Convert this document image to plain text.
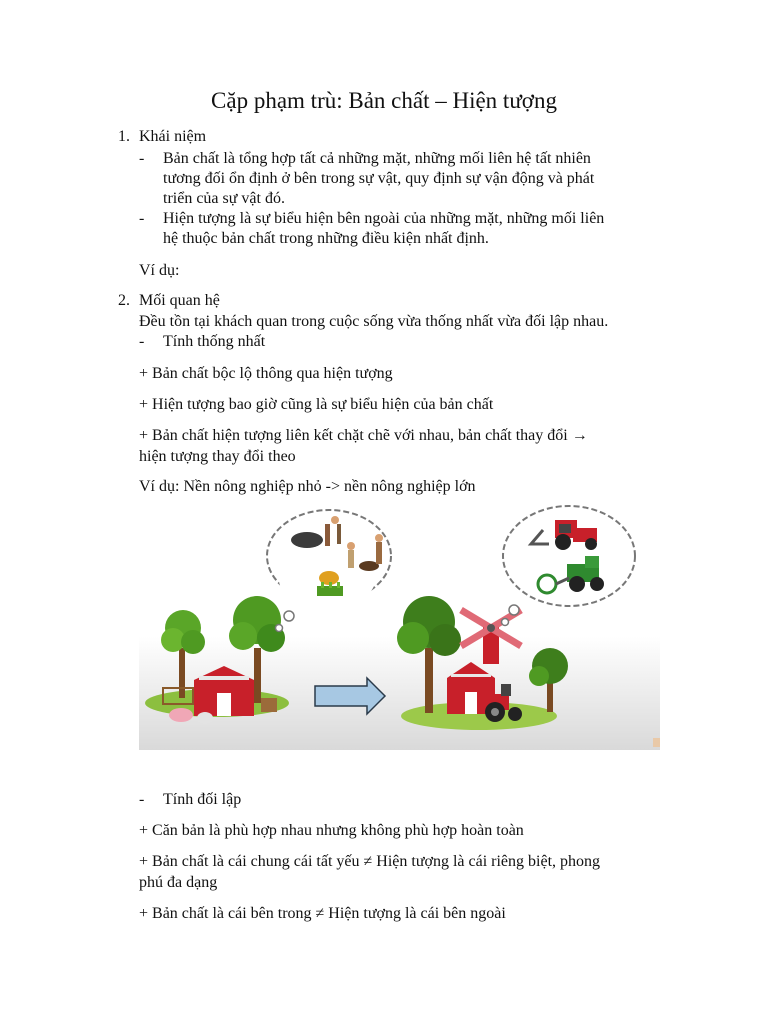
Cặp phạm trù: Bản chất – Hiện tượng
1. Khái niệm
- Bản chất là tổng hợp tất cả những mặt, những mối liên hệ tất nhiên
tương đối ổn định ở bên trong sự vật, quy định sự vận động và phát
triển của sự vật đó.
- Hiện tượng là sự biểu hiện bên ngoài của những mặt, những mối liên
hệ thuộc bản chất trong những điều kiện nhất định.
Ví dụ:
2. Mối quan hệ
Đều tồn tại khách quan trong cuộc sống vừa thống nhất vừa đối lập nhau.
- Tính thống nhất
+ Bản chất bộc lộ thông qua hiện tượng
+ Hiện tượng bao giờ cũng là sự biểu hiện của bản chất
+ Bản chất hiện tượng liên kết chặt chẽ với nhau, bản chất thay đổi →
hiện tượng thay đổi theo
Ví dụ: Nền nông nghiệp nhỏ -> nền nông nghiệp lớn
- Tính đối lập
+ Căn bản là phù hợp nhau nhưng không phù hợp hoàn toàn
+ Bản chất là cái chung cái tất yếu ≠ Hiện tượng là cái riêng biệt, phong
phú đa dạng
+ Bản chất là cái bên trong ≠ Hiện tượng là cái bên ngoài
